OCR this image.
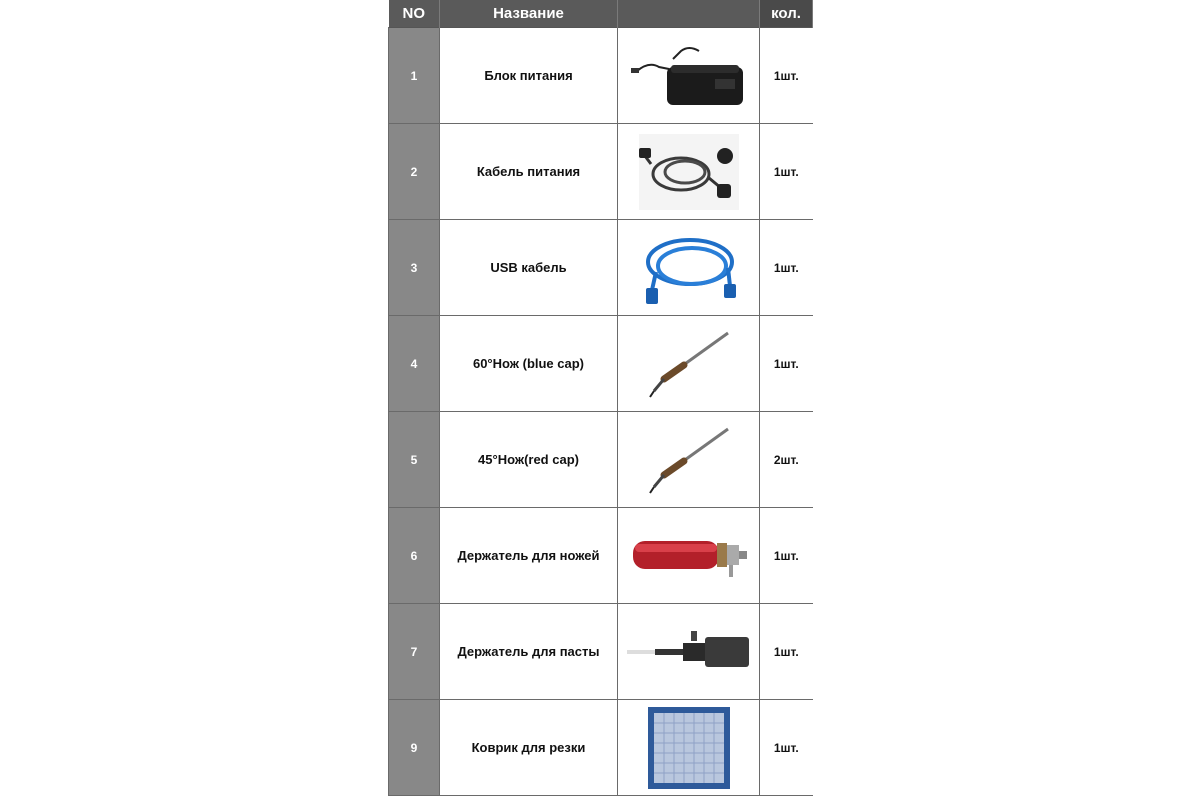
NO	Название		кол.
1	Блок питания		1шт.
2	Кабель питания		1шт.
3	USB кабель		1шт.
4	60°Нож (blue cap)		1шт.
5	45°Нож(red cap)		2шт.
6	Держатель для ножей		1шт.
7	Держатель для пасты		1шт.
9	Коврик для резки		1шт.
